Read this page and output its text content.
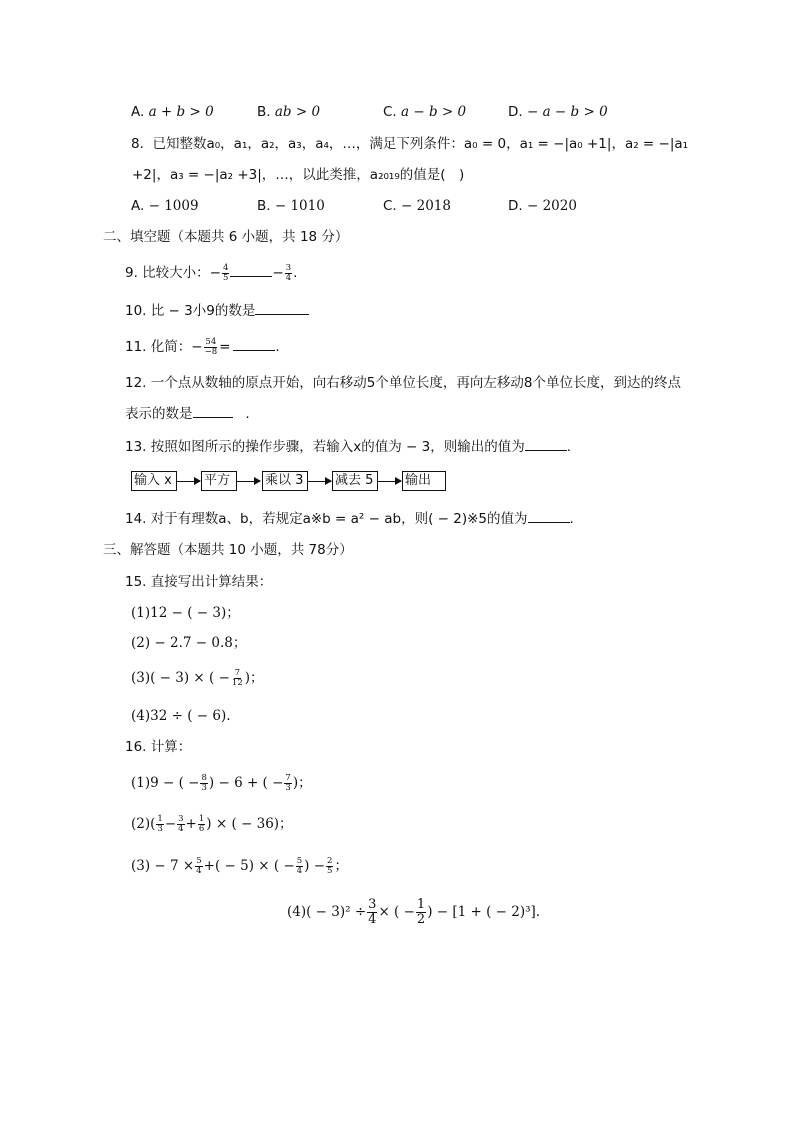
A. a + b > 0	B. ab > 0	C. a − b > 0	D. − a − b > 0
8. 已知整数a₀，a₁，a₂，a₃，a₄，…，满足下列条件：a₀ = 0，a₁ = −|a₀ +1|，a₂ = −|a₁
+2|，a₃ = −|a₂ +3|，…，以此类推，a₂₀₁₉的值是(　)
A. − 1009	B. − 1010	C. − 2018	D. − 2020
二、填空题（本题共 6 小题，共 18 分）
9. 比较大小：− $\frac{4}{5}$	− $\frac{3}{4}$ .
10. 比 − 3小9的数是
11. 化简：− $\frac{54}{-8}$ =	.
12. 一个点从数轴的原点开始，向右移动5个单位长度，再向左移动8个单位长度，到达的终点
表示的数是	.
13. 按照如图所示的操作步骤，若输入x的值为 − 3，则输出的值为	.
输入 x	平方	乘以 3	减去 5	输出
14. 对于有理数a、b，若规定a※b = a² − ab，则( − 2)※5的值为	.
三、解答题（本题共 10 小题，共 78分）
15. 直接写出计算结果：
(1)12 − ( − 3)；
(2) − 2.7 − 0.8；
(3)( − 3) × ( − $\frac{7}{12}$ )；
(4)32 ÷ ( − 6).
16. 计算：
(1)9 − ( − $\frac{8}{3}$ ) − 6 + ( − $\frac{7}{3}$ )；
$(2)( \frac{1}{3} - \frac{3}{4} + \frac{1}{6}$ ) × ( − 36)；
$(3) - 7 \times \frac{5}{4}$ +( − 5) × ( − $\frac{5}{4}$ ) − $\frac{2}{5}$ ；
$(4)( - 3)^2 \div \frac{3}{4}$ × ( − $\frac{1}{2}$ ) − [1 + ( − 2)³].
